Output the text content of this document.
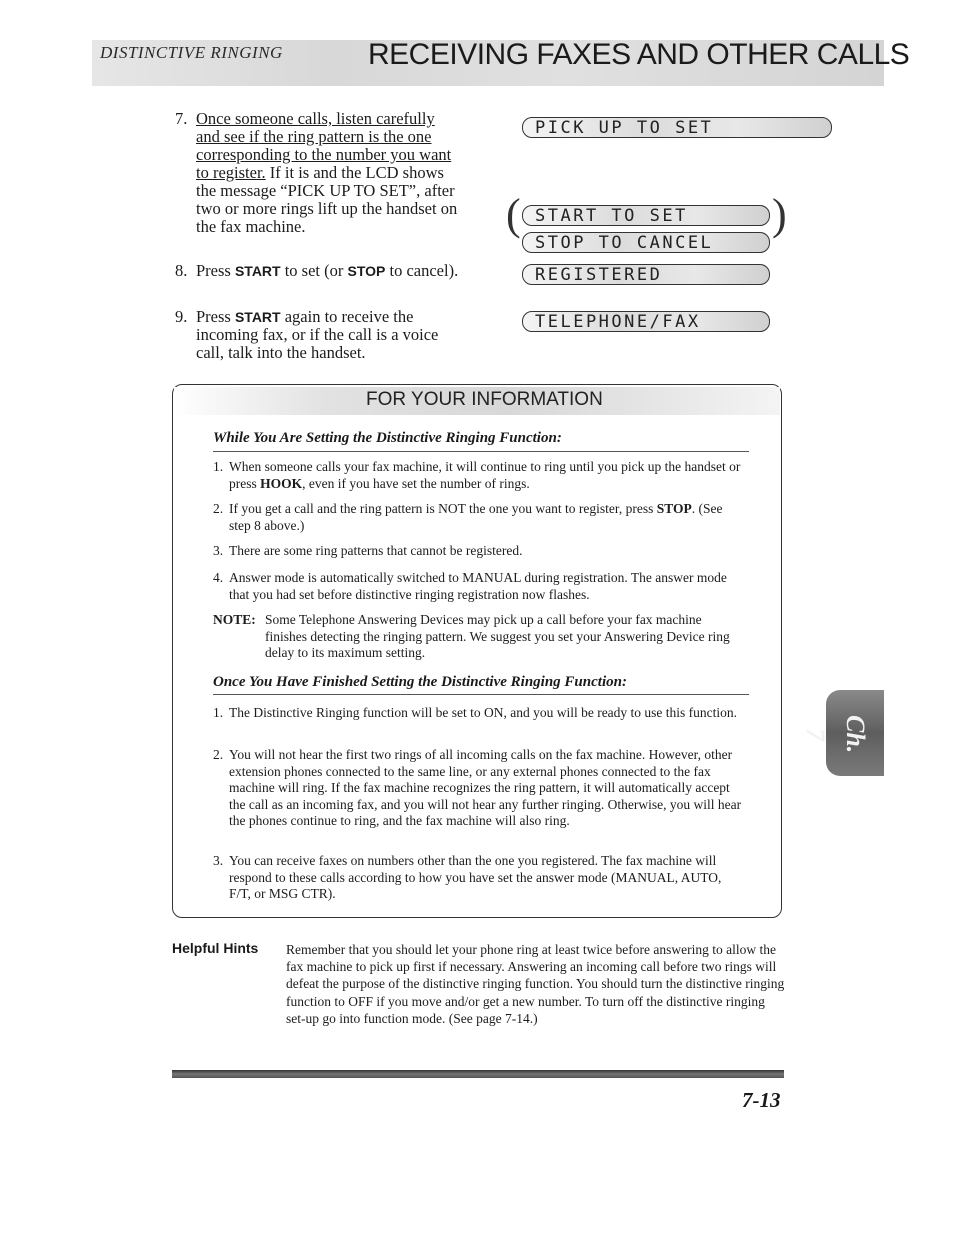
DISTINCTIVE RINGING	RECEIVING FAXES AND OTHER CALLS
7. Once someone calls, listen carefully and see if the ring pattern is the one corresponding to the number you want to register. If it is and the LCD shows the message “PICK UP TO SET”, after two or more rings lift up the handset on the fax machine.
8. Press START to set (or STOP to cancel).
9. Press START again to receive the incoming fax, or if the call is a voice call, talk into the handset.
PICK UP TO SET
( START TO SET
STOP TO CANCEL
)
REGISTERED
TELEPHONE/FAX
FOR YOUR INFORMATION
While You Are Setting the Distinctive Ringing Function:
1. When someone calls your fax machine, it will continue to ring until you pick up the handset or press HOOK, even if you have set the number of rings.
2. If you get a call and the ring pattern is NOT the one you want to register, press STOP. (See step 8 above.)
3. There are some ring patterns that cannot be registered.
4. Answer mode is automatically switched to MANUAL during registration. The answer mode that you had set before distinctive ringing registration now flashes.
NOTE: Some Telephone Answering Devices may pick up a call before your fax machine finishes detecting the ringing pattern. We suggest you set your Answering Device ring delay to its maximum setting.
Once You Have Finished Setting the Distinctive Ringing Function:
1. The Distinctive Ringing function will be set to ON, and you will be ready to use this function.
2. You will not hear the first two rings of all incoming calls on the fax machine. However, other extension phones connected to the same line, or any external phones connected to the fax machine will ring. If the fax machine recognizes the ring pattern, it will automatically accept the call as an incoming fax, and you will not hear any further ringing. Otherwise, you will hear the phones continue to ring, and the fax machine will also ring.
3. You can receive faxes on numbers other than the one you registered. The fax machine will respond to these calls according to how you have set the answer mode (MANUAL, AUTO, F/T, or MSG CTR).
Helpful Hints Remember that you should let your phone ring at least twice before answering to allow the fax machine to pick up first if necessary. Answering an incoming call before two rings will defeat the purpose of the distinctive ringing function. You should turn the distinctive ringing function to OFF if you move and/or get a new number. To turn off the distinctive ringing set-up go into function mode. (See page 7-14.)
7-13
Ch. 7
